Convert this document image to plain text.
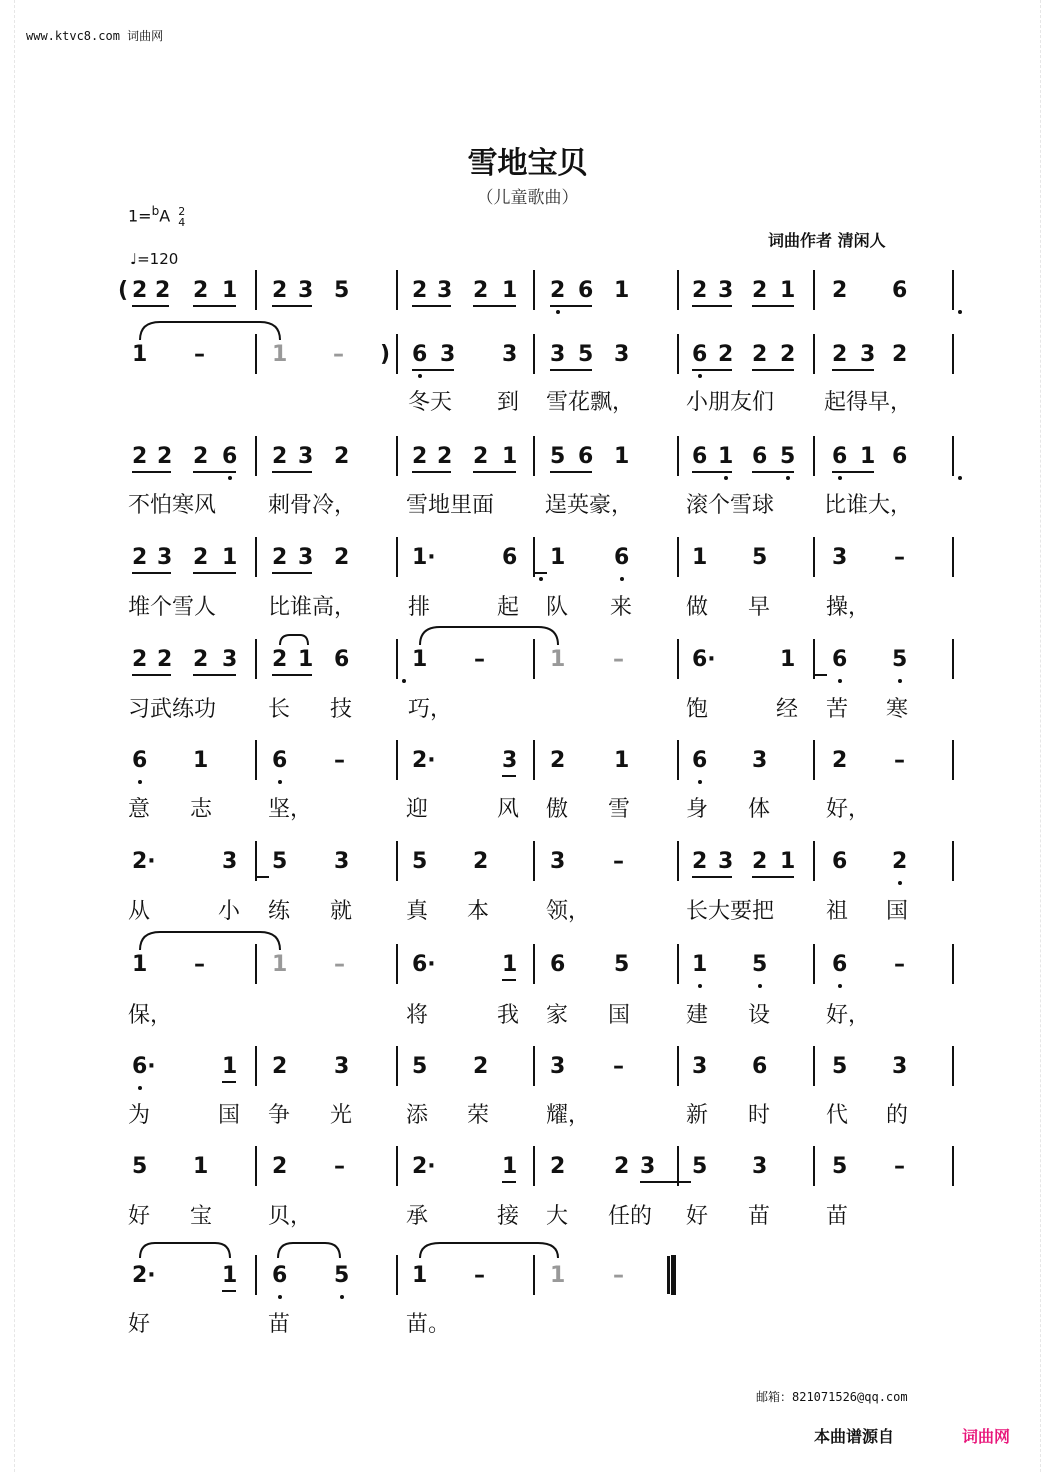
www.ktvc8.com 词曲网
雪地宝贝
（儿童歌曲）
1=$^b$A 2
4
♩=120
词曲作者 清闲人
( 2 2 2 1 2 3 5	2 3 2 1 2 6 1	2 3 2 1 2 6
1 –	1 – ) 6 3 3 3 5 3	6 2 2 2 2 3 2
冬天 到 雪花飘， 小朋友们 起得早，
2 2 2 6 2 3 2	2 2 2 1 5 6 1	6 1 6 5 6 1 6
不怕寒风 刺骨冷， 雪地里面 逞英豪， 滚个雪球 比谁大，
2 3 2 1 2 3 2	1·	6 1 6	1 5	3 –
堆个雪人 比谁高， 排	起 队 来 做 早	操，
2 2 2 3 2 1 6	1 –	1 –	6·	1 6 5
习武练功 长 技	巧，	饱	经 苦 寒
6 1	6 –	2·	3 2 1	6 3	2 –
意 志	坚，	迎	风 傲 雪	身 体	好，
2·	3 5 3	5 2	3 –	2 3 2 1 6 2
从	小 练 就 真 本	领，	长大要把 祖 国
1 –	1 –	6·	1 6 5	1 5	6 –
保，	将	我 家 国	建 设	好，
6·	1 2 3	5 2	3 –	3 6	5 3
为	国 争 光 添 荣	耀，	新 时	代 的
5 1	2 –	2·	1 2 2 3 5 3	5 –
好 宝	贝，	承	接 大 任的 好 苗	苗
2·	1 6 5	1 –	1 –
好	苗	苗。
邮箱：821071526@qq.com
本曲谱源自	词曲网
